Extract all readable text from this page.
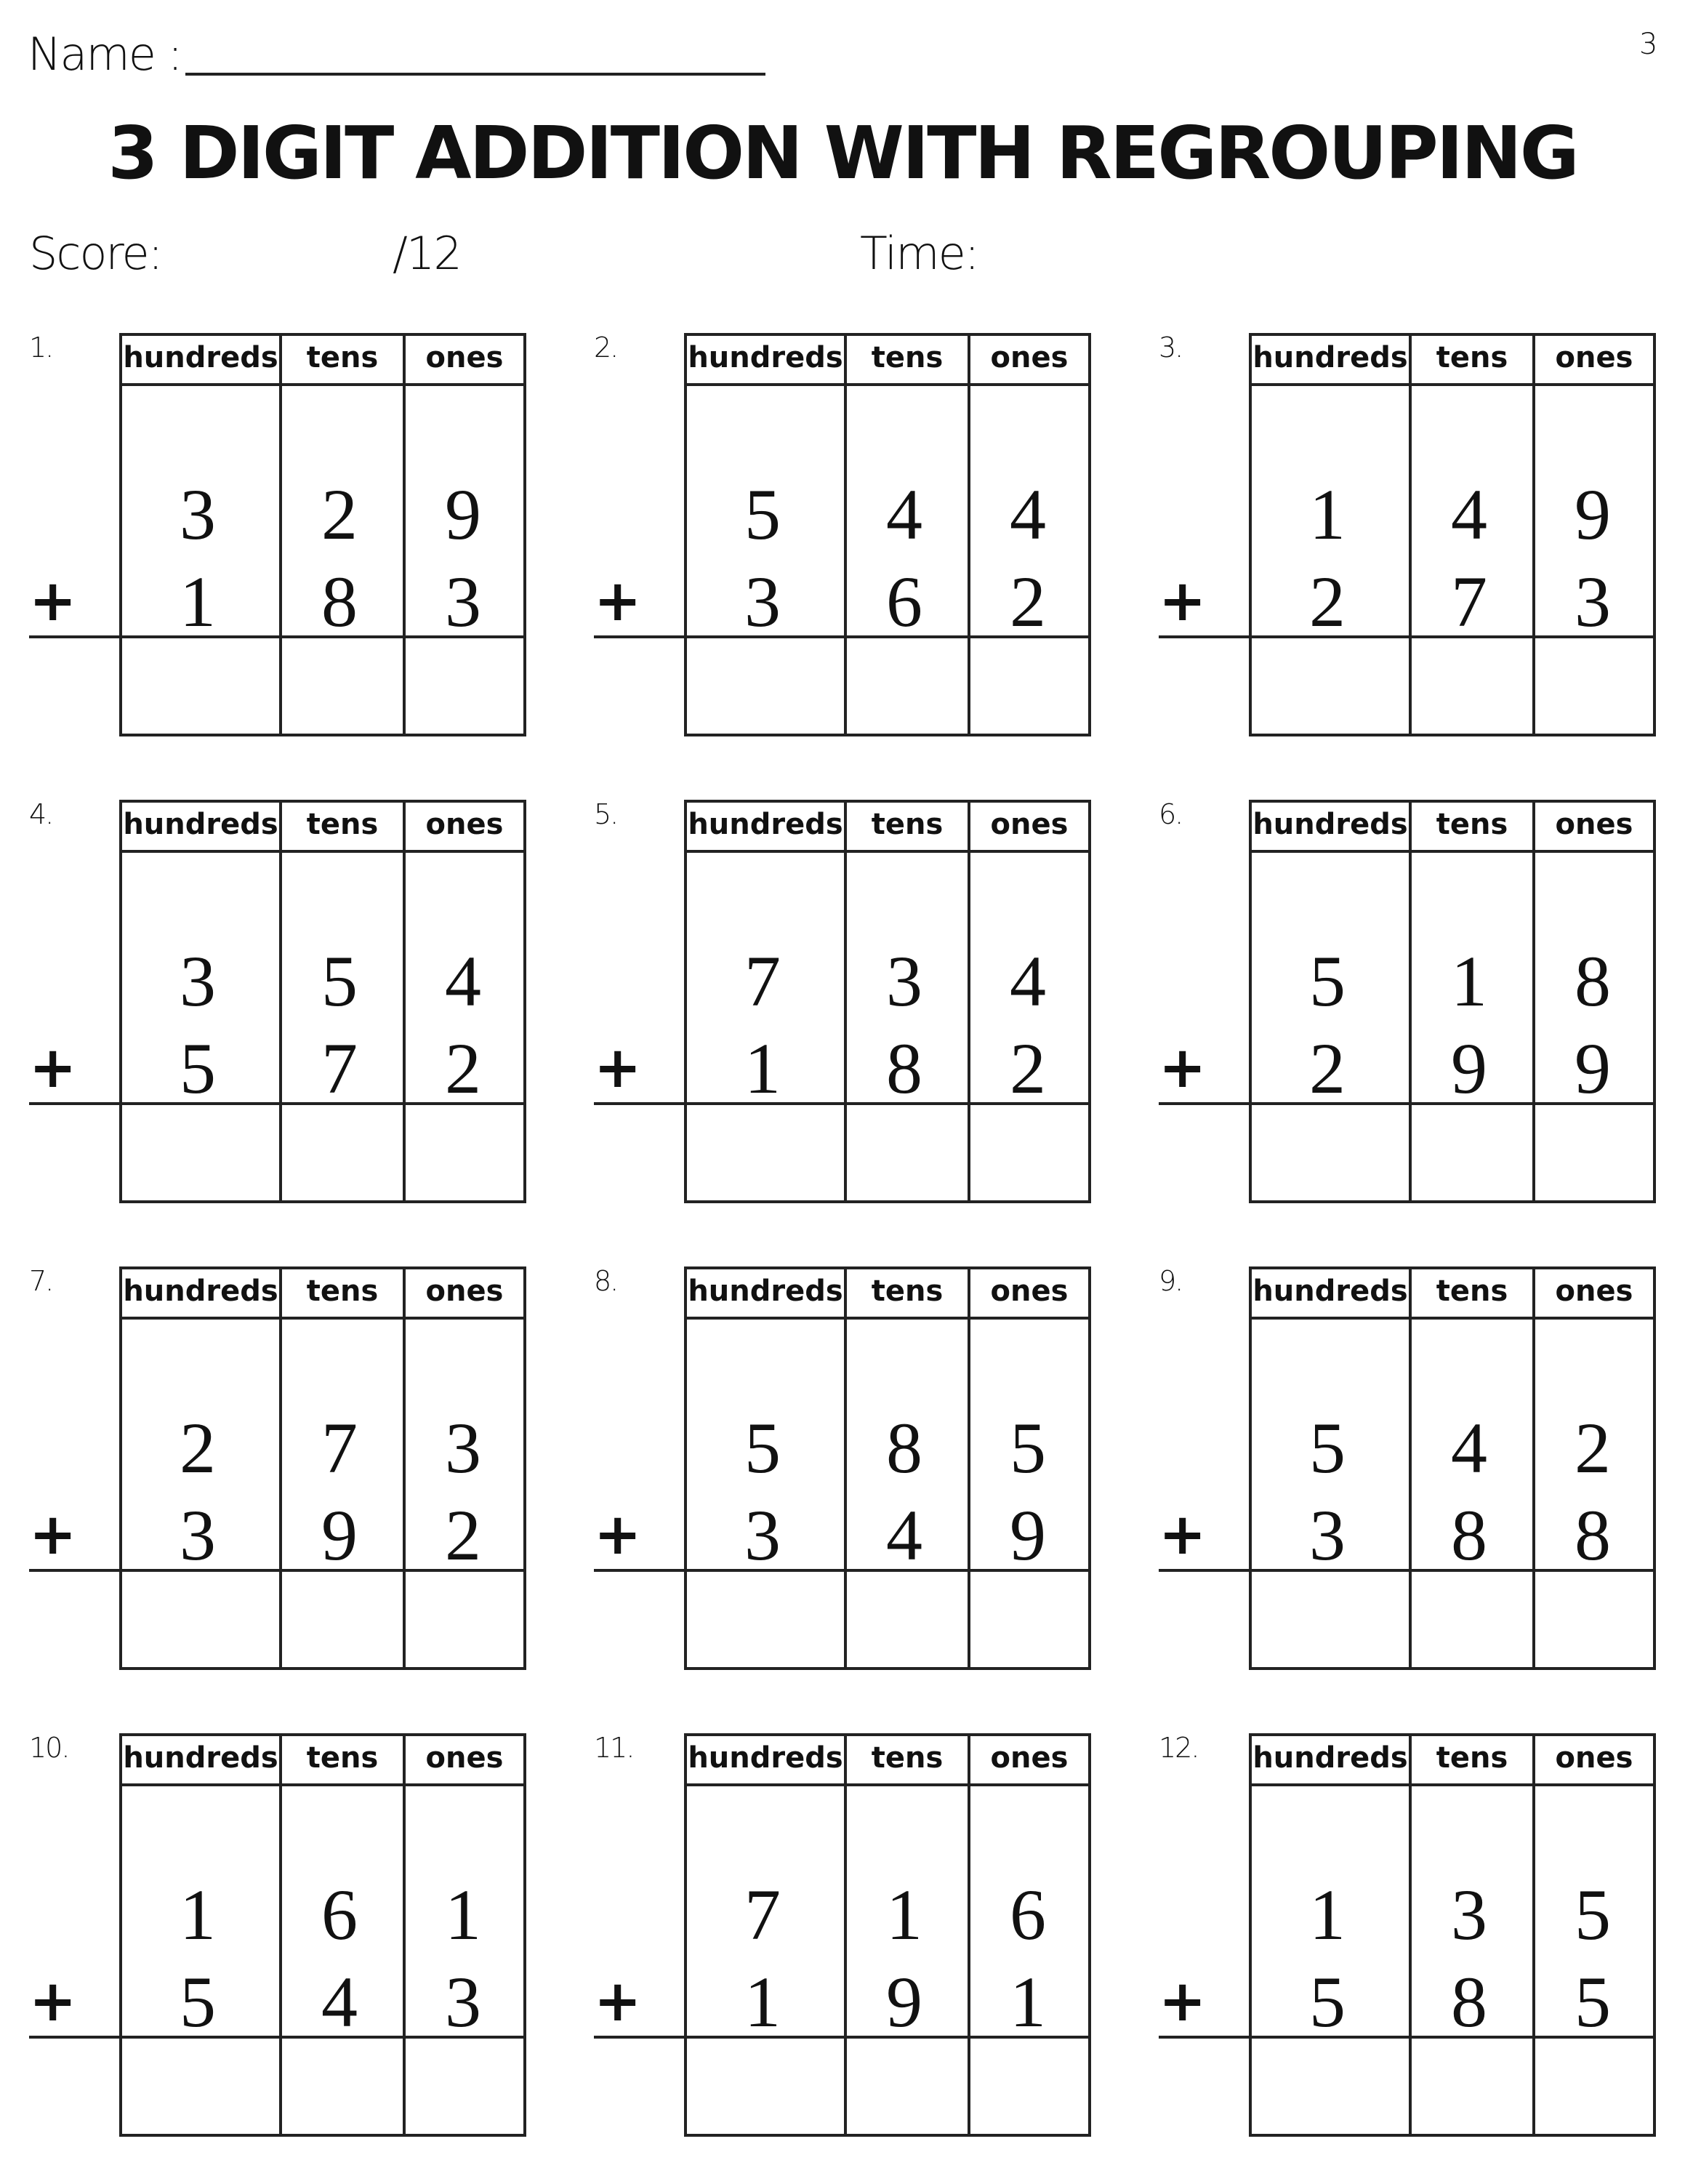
Name :	3
3 DIGIT ADDITION WITH REGROUPING
Score:	/12	Time:
1. hundreds tens	ones
+
3	2	9
1	8	3
2. hundreds tens	ones
+
5	4	4
3	6	2
3. hundreds tens	ones
+
1	4	9
2	7	3
4. hundreds tens	ones
+
3	5	4
5	7	2
5. hundreds tens	ones
+
7	3	4
1	8	2
6. hundreds tens	ones
+
5	1	8
2	9	9
7. hundreds tens	ones
+
2	7	3
3	9	2
8. hundreds tens	ones
+
5	8	5
3	4	9
9. hundreds tens	ones
+
5	4	2
3	8	8
10. hundreds tens	ones
+
1	6	1
5	4	3
11. hundreds tens	ones
+
7	1	6
1	9	1
12. hundreds tens	ones
+
1	3	5
5	8	5
